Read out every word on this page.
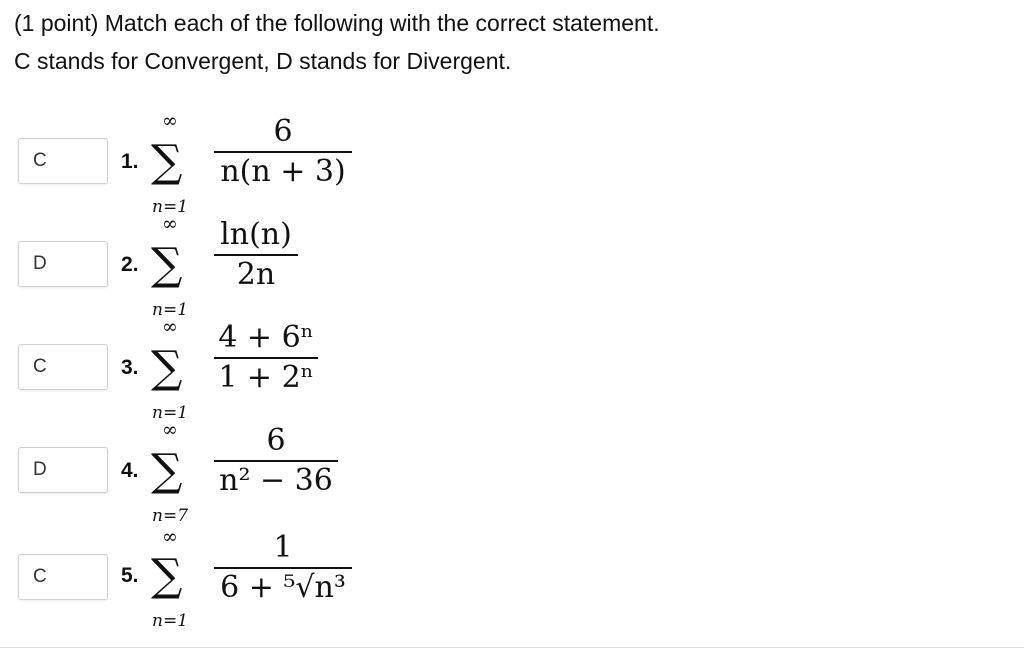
(1 point) Match each of the following with the correct statement.
C stands for Convergent, D stands for Divergent.
C	1.
∞
∑
n=1
6
n(n + 3)
D	2.
∞
∑
n=1
ln(n)
2n
C	3.
∞
∑
n=1
4 + 6ⁿ
1 + 2ⁿ
D	4.
∞
∑
n=7
6
n² − 36
C	5.
∞
∑
n=1
1
6 + ⁵√n³
